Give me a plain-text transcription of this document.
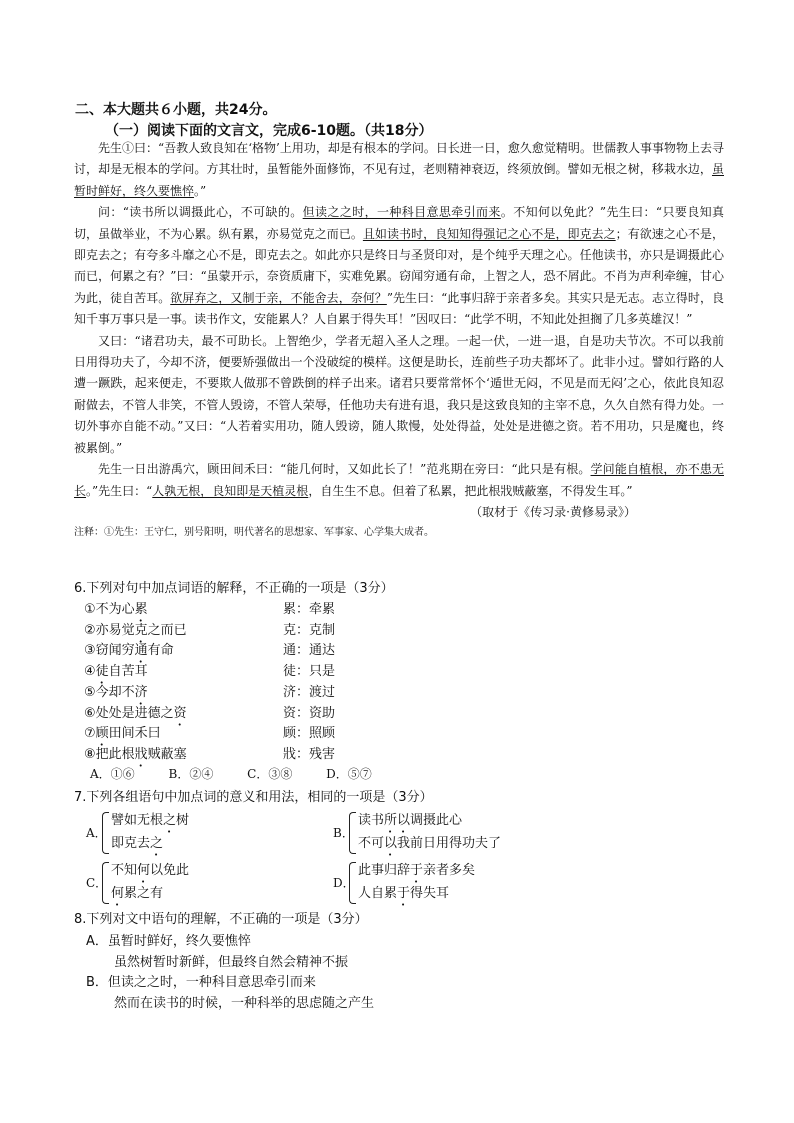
二、本大题共６小题，共24分。
（一）阅读下面的文言文，完成6-10题。（共18分）

先生①曰：“吾教人致良知在‘格物’上用功，却是有根本的学问。日长进一日，愈久愈觉精明。世儒教人事事物物上去寻讨，却是无根本的学问。方其壮时，虽暂能外面修饰，不见有过，老则精神衰迈，终须放倒。譬如无根之树，移栽水边，虽暂时鲜好，终久要憔悴。”

问：“读书所以调摄此心，不可缺的。但读之之时，一种科目意思牵引而来。不知何以免此？”先生曰：“只要良知真切，虽做举业，不为心累。纵有累，亦易觉克之而已。且如读书时，良知知得强记之心不是，即克去之；有欲速之心不是，即克去之；有夸多斗靡之心不是，即克去之。如此亦只是终日与圣贤印对，是个纯乎天理之心。任他读书，亦只是调摄此心而已，何累之有？”曰：“虽蒙开示，奈资质庸下，实难免累。窃闻穷通有命，上智之人，恐不屑此。不肖为声利牵缠，甘心为此，徒自苦耳。欲屏弃之，又制于亲，不能舍去，奈何？”先生曰：“此事归辞于亲者多矣。其实只是无志。志立得时，良知千事万事只是一事。读书作文，安能累人？人自累于得失耳！”因叹曰：“此学不明，不知此处担搁了几多英雄汉！”

又曰：“诸君功夫，最不可助长。上智绝少，学者无超入圣人之理。一起一伏，一进一退，自是功夫节次。不可以我前日用得功夫了，今却不济，便要矫强做出一个没破绽的模样。这便是助长，连前些子功夫都坏了。此非小过。譬如行路的人遭一蹶跌，起来便走，不要欺人做那不曾跌倒的样子出来。诸君只要常常怀个‘遁世无闷，不见是而无闷’之心，依此良知忍耐做去，不管人非笑，不管人毁谤，不管人荣辱，任他功夫有进有退，我只是这致良知的主宰不息，久久自然有得力处。一切外事亦自能不动。”又曰：“人若着实用功，随人毁谤，随人欺慢，处处得益，处处是进德之资。若不用功，只是魔也，终被累倒。”

先生一日出游禹穴，顾田间禾曰：“能几何时，又如此长了！”范兆期在旁曰：“此只是有根。学问能自植根，亦不患无长。”先生曰：“人孰无根，良知即是天植灵根，自生生不息。但着了私累，把此根戕贼蔽塞，不得发生耳。”

（取材于《传习录·黄修易录》）

注释：①先生：王守仁，别号阳明，明代著名的思想家、军事家、心学集大成者。

6.下列对句中加点词语的解释，不正确的一项是（3分）
①不为心累	累：牵累
②亦易觉克之而已	克：克制
③窃闻穷通有命	通：通达
④徒自苦耳	徒：只是
⑤今却不济	济：渡过
⑥处处是进德之资	资：资助
⑦顾田间禾曰	顾：照顾
⑧把此根戕贼蔽塞	戕：残害
A．①⑥	B．②④	C．③⑧	D．⑤⑦
7.下列各组语句中加点词的意义和用法，相同的一项是（3分）
A．
譬如无根之树
即克去之
B．
读书所以调摄此心
不可以我前日用得功夫了
C．
不知何以免此
何累之有
D．
此事归辞于亲者多矣
人自累于得失耳
8.下列对文中语句的理解，不正确的一项是（3分）
A．虽暂时鲜好，终久要憔悴
虽然树暂时新鲜，但最终自然会精神不振
B．但读之之时，一种科目意思牵引而来
然而在读书的时候，一种科举的思虑随之产生
